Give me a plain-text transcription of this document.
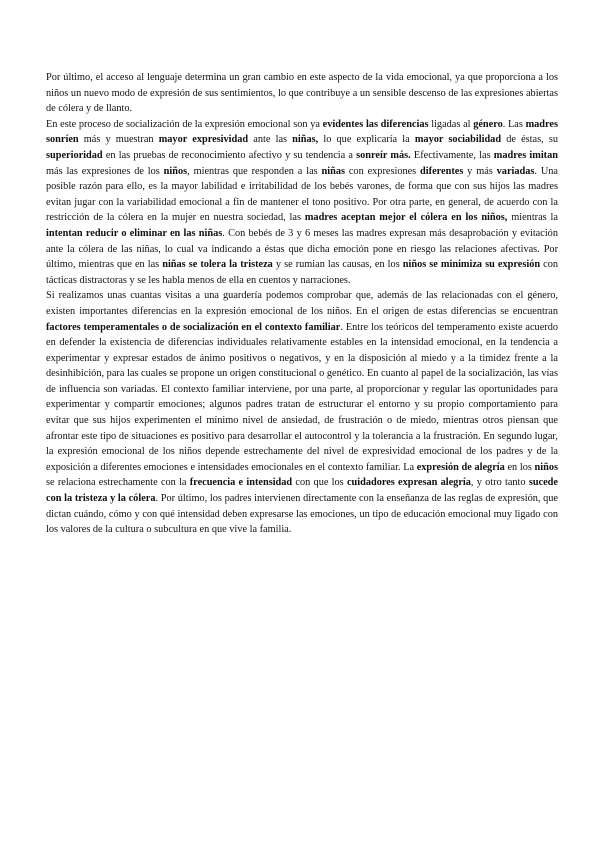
Por último, el acceso al lenguaje determina un gran cambio en este aspecto de la vida emocional, ya que proporciona a los niños un nuevo modo de expresión de sus sentimientos, lo que contribuye a un sensible descenso de las expresiones abiertas de cólera y de llanto.

En este proceso de socialización de la expresión emocional son ya evidentes las diferencias ligadas al género. Las madres sonríen más y muestran mayor expresividad ante las niñas, lo que explicaría la mayor sociabilidad de éstas, su superioridad en las pruebas de reconocimiento afectivo y su tendencia a sonreír más. Efectivamente, las madres imitan más las expresiones de los niños, mientras que responden a las niñas con expresiones diferentes y más variadas. Una posible razón para ello, es la mayor labilidad e irritabilidad de los bebés varones, de forma que con sus hijos las madres evitan jugar con la variabilidad emocional a fin de mantener el tono positivo. Por otra parte, en general, de acuerdo con la restricción de la cólera en la mujer en nuestra sociedad, las madres aceptan mejor el cólera en los niños, mientras la intentan reducir o eliminar en las niñas. Con bebés de 3 y 6 meses las madres expresan más desaprobación y evitación ante la cólera de las niñas, lo cual va indicando a éstas que dicha emoción pone en riesgo las relaciones afectivas. Por último, mientras que en las niñas se tolera la tristeza y se rumian las causas, en los niños se minimiza su expresión con tácticas distractoras y se les habla menos de ella en cuentos y narraciones.

Si realizamos unas cuantas visitas a una guardería podemos comprobar que, además de las relacionadas con el género, existen importantes diferencias en la expresión emocional de los niños. En el origen de estas diferencias se encuentran factores temperamentales o de socialización en el contexto familiar. Entre los teóricos del temperamento existe acuerdo en defender la existencia de diferencias individuales relativamente estables en la intensidad emocional, en la tendencia a experimentar y expresar estados de ánimo positivos o negativos, y en la disposición al miedo y a la timidez frente a la desinhibición, para las cuales se propone un origen constitucional o genético. En cuanto al papel de la socialización, las vías de influencia son variadas. El contexto familiar interviene, por una parte, al proporcionar y regular las oportunidades para experimentar y compartir emociones; algunos padres tratan de estructurar el entorno y su propio comportamiento para evitar que sus hijos experimenten el mínimo nivel de ansiedad, de frustración o de miedo, mientras otros piensan que afrontar este tipo de situaciones es positivo para desarrollar el autocontrol y la tolerancia a la frustración. En segundo lugar, la expresión emocional de los niños depende estrechamente del nivel de expresividad emocional de los padres y de la exposición a diferentes emociones e intensidades emocionales en el contexto familiar. La expresión de alegría en los niños se relaciona estrechamente con la frecuencia e intensidad con que los cuidadores expresan alegría, y otro tanto sucede con la tristeza y la cólera. Por último, los padres intervienen directamente con la enseñanza de las reglas de expresión, que dictan cuándo, cómo y con qué intensidad deben expresarse las emociones, un tipo de educación emocional muy ligado con los valores de la cultura o subcultura en que vive la familia.
